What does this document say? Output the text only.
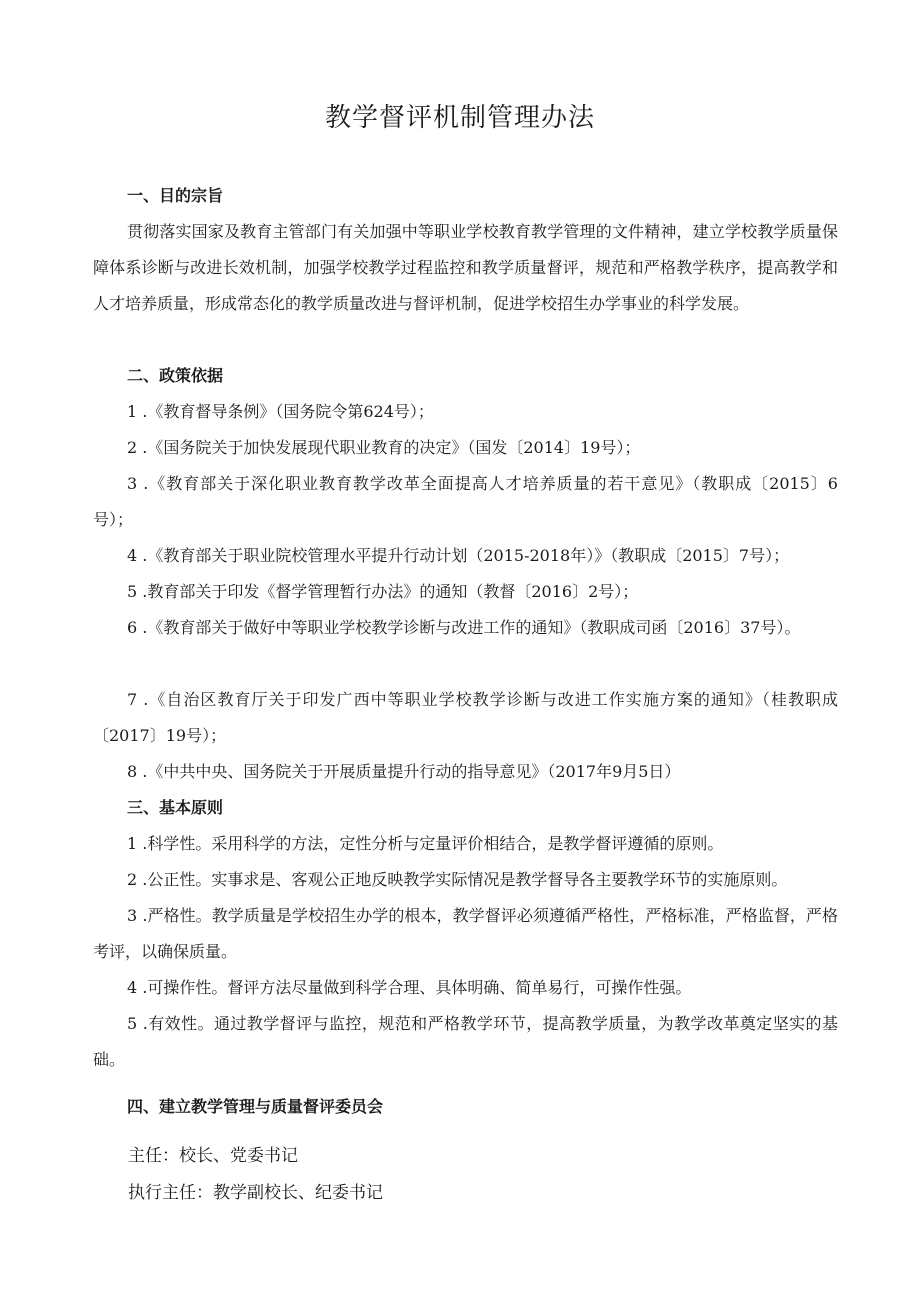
教学督评机制管理办法

一、目的宗旨

贯彻落实国家及教育主管部门有关加强中等职业学校教育教学管理的文件精神，建立学校教学质量保障体系诊断与改进长效机制，加强学校教学过程监控和教学质量督评，规范和严格教学秩序，提高教学和人才培养质量，形成常态化的教学质量改进与督评机制，促进学校招生办学事业的科学发展。

二、政策依据

1 .《教育督导条例》（国务院令第624号）；

2 .《国务院关于加快发展现代职业教育的决定》（国发〔2014〕19号）；

3 .《教育部关于深化职业教育教学改革全面提高人才培养质量的若干意见》（教职成〔2015〕6号）；

4 .《教育部关于职业院校管理水平提升行动计划（2015-2018年）》（教职成〔2015〕7号）；

5 .教育部关于印发《督学管理暂行办法》的通知（教督〔2016〕2号）；

6 .《教育部关于做好中等职业学校教学诊断与改进工作的通知》（教职成司函〔2016〕37号）。

7 .《自治区教育厅关于印发广西中等职业学校教学诊断与改进工作实施方案的通知》（桂教职成〔2017〕19号）；

8 .《中共中央、国务院关于开展质量提升行动的指导意见》（2017年9月5日）

三、基本原则

1 .科学性。采用科学的方法，定性分析与定量评价相结合，是教学督评遵循的原则。

2 .公正性。实事求是、客观公正地反映教学实际情况是教学督导各主要教学环节的实施原则。

3 .严格性。教学质量是学校招生办学的根本，教学督评必须遵循严格性，严格标准，严格监督，严格考评，以确保质量。

4 .可操作性。督评方法尽量做到科学合理、具体明确、简单易行，可操作性强。

5 .有效性。通过教学督评与监控，规范和严格教学环节，提高教学质量，为教学改革奠定坚实的基础。

四、建立教学管理与质量督评委员会

主任：校长、党委书记

执行主任：教学副校长、纪委书记
